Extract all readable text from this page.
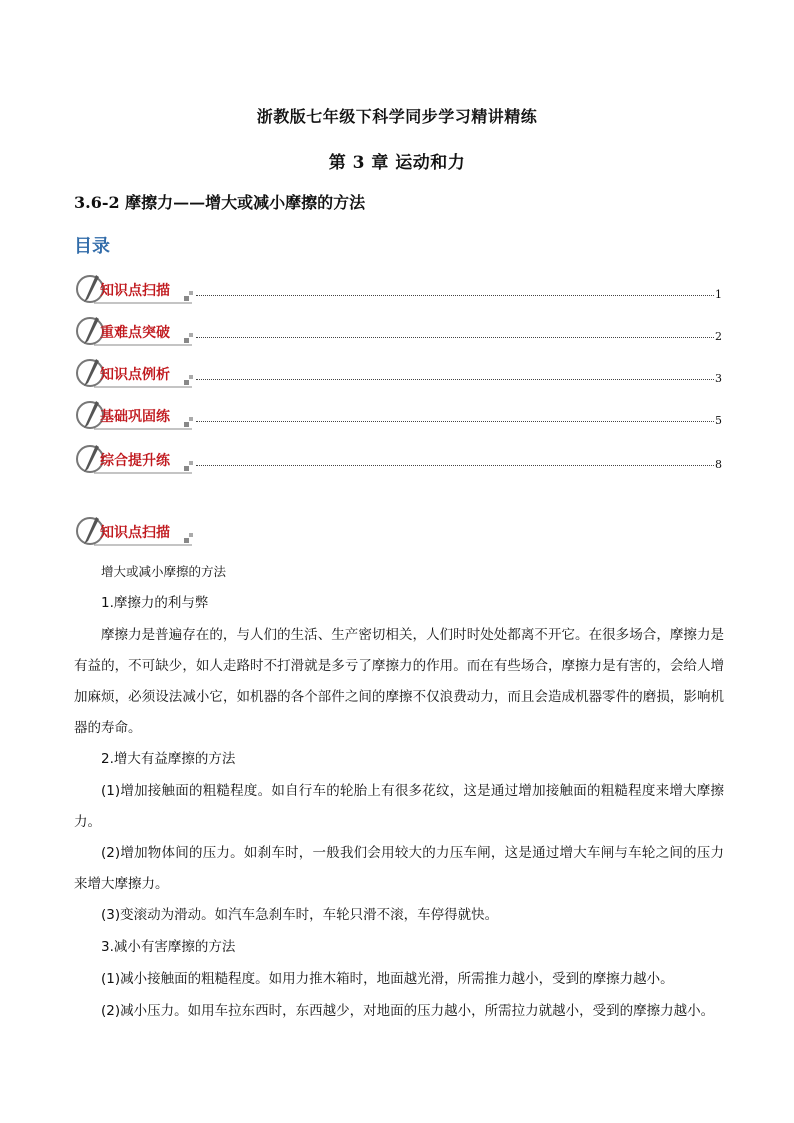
浙教版七年级下科学同步学习精讲精练
第 3 章 运动和力
3.6-2 摩擦力——增大或减小摩擦的方法
目录
知识点扫描	1
重难点突破	2
知识点例析	3
基础巩固练	5
综合提升练	8
知识点扫描
增大或减小摩擦的方法
1.摩擦力的利与弊
摩擦力是普遍存在的，与人们的生活、生产密切相关，人们时时处处都离不开它。在很多场合，摩擦力是有益的，不可缺少，如人走路时不打滑就是多亏了摩擦力的作用。而在有些场合，摩擦力是有害的，会给人增加麻烦，必须设法减小它，如机器的各个部件之间的摩擦不仅浪费动力，而且会造成机器零件的磨损，影响机器的寿命。
2.增大有益摩擦的方法
(1)增加接触面的粗糙程度。如自行车的轮胎上有很多花纹，这是通过增加接触面的粗糙程度来增大摩擦力。
(2)增加物体间的压力。如刹车时，一般我们会用较大的力压车闸，这是通过增大车闸与车轮之间的压力来增大摩擦力。
(3)变滚动为滑动。如汽车急刹车时，车轮只滑不滚，车停得就快。
3.减小有害摩擦的方法
(1)减小接触面的粗糙程度。如用力推木箱时，地面越光滑，所需推力越小，受到的摩擦力越小。
(2)减小压力。如用车拉东西时，东西越少，对地面的压力越小，所需拉力就越小，受到的摩擦力越小。
